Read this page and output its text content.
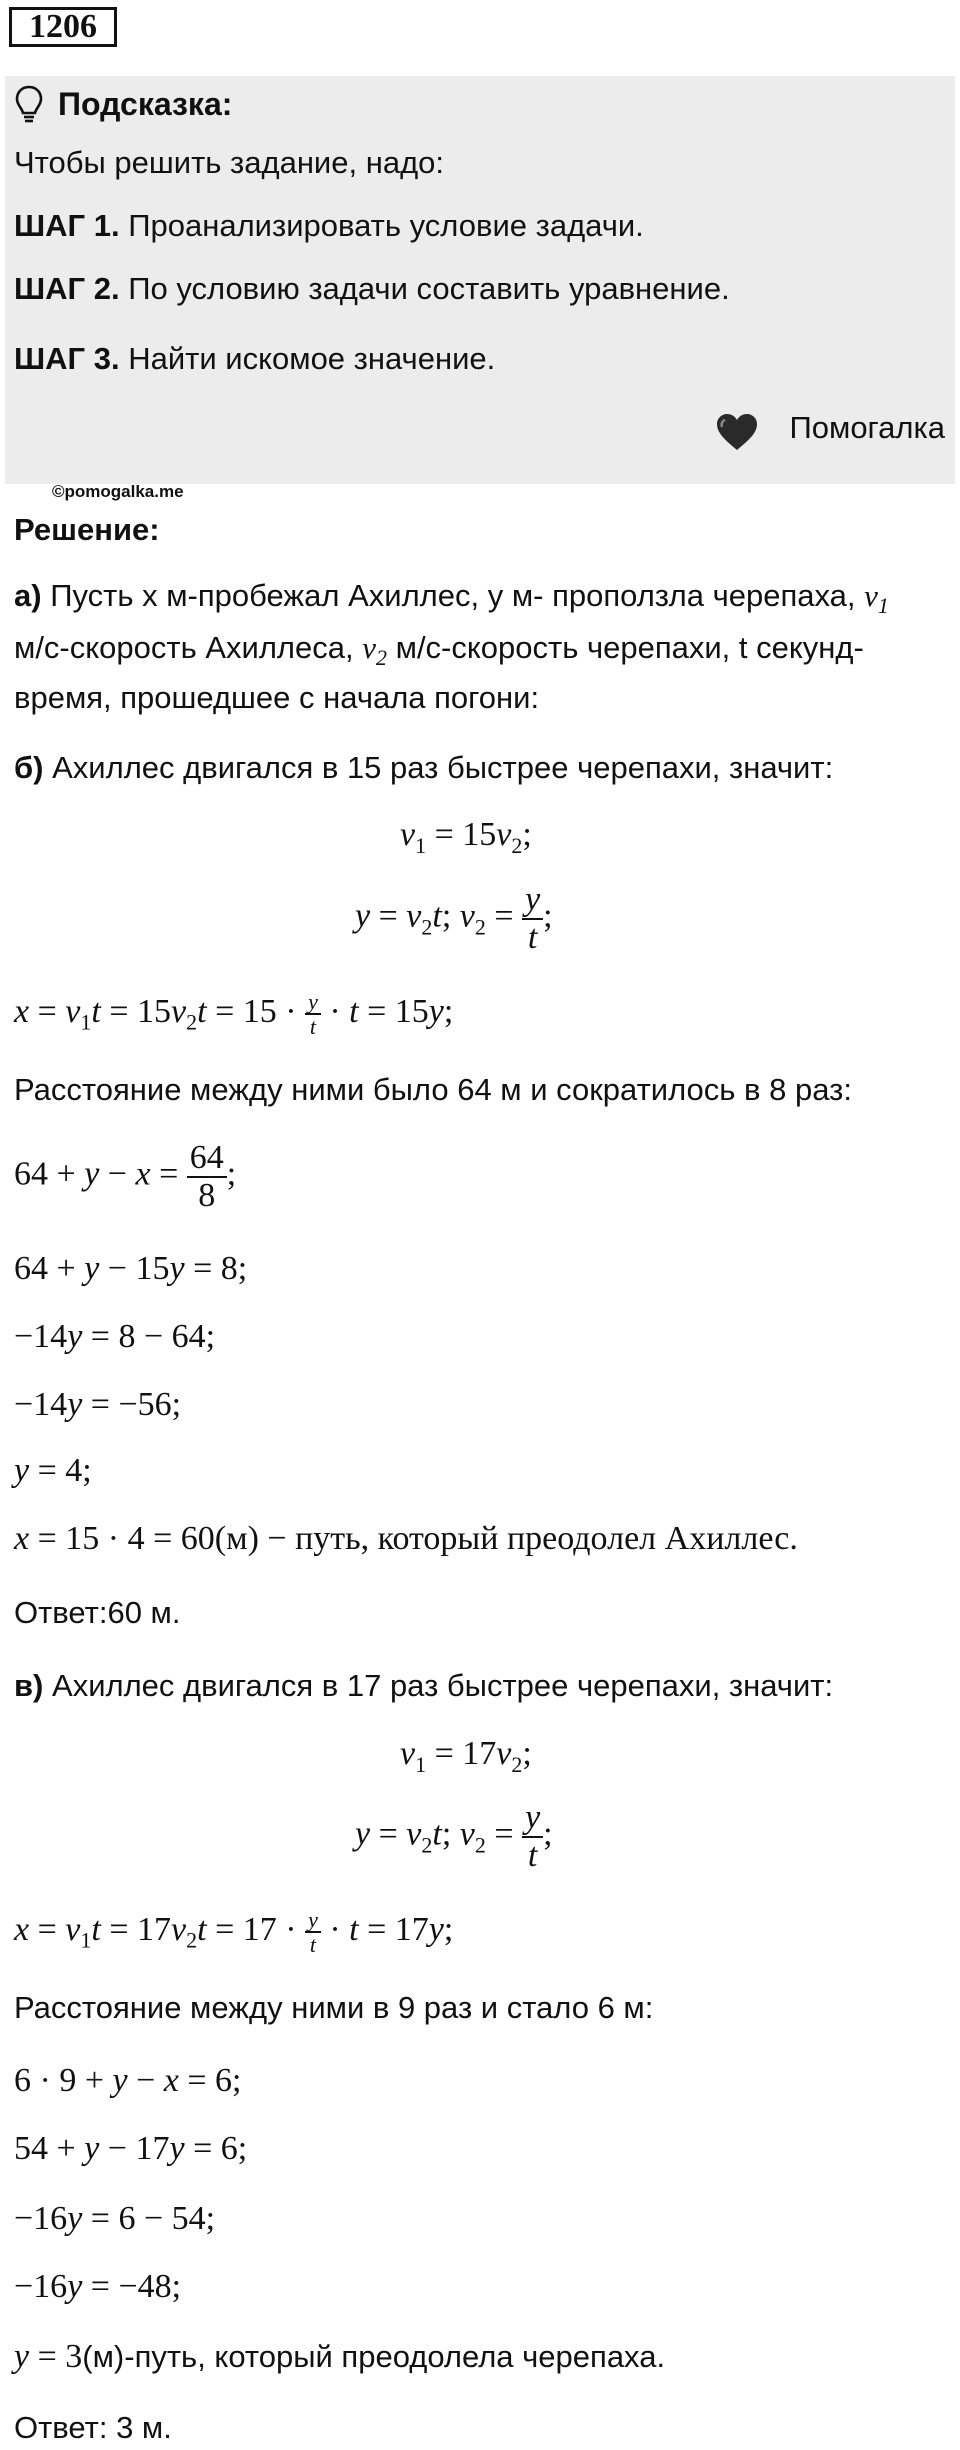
1206
Подсказка:
Чтобы решить задание, надо:
ШАГ 1. Проанализировать условие задачи.
ШАГ 2. По условию задачи составить уравнение.
ШАГ 3. Найти искомое значение.
Помогалка
©pomogalka.me
Решение:
а) Пусть x м-пробежал Ахиллес, y м- проползла черепаха, $v_1$
м/с-скорость Ахиллеса, $v_2$ м/с-скорость черепахи, t секунд-
время, прошедшее с начала погони:
б) Ахиллес двигался в 15 раз быстрее черепахи, значит:
$v_1 = 15v_2$;
$y = v_2t$; $v_2 = \frac{y}{t}$ ;
$x = v_1t = 15v_2t = 15 \cdot \frac{y}{t} \cdot t = 15y$;
Расстояние между ними было 64 м и сократилось в 8 раз:
$64 + y - x = \frac{64}{8}$ ;
64 + y − 15y = 8;
−14y = 8 − 64;
−14y = −56;
y = 4;
x = 15 · 4 = 60(м) − путь, который преодолел Ахиллес.
Ответ:60 м.
в) Ахиллес двигался в 17 раз быстрее черепахи, значит:
$v_1 = 17v_2$;
$y = v_2t$; $v_2 = \frac{y}{t}$ ;
$x = v_1t = 17v_2t = 17 \cdot \frac{y}{t} \cdot t = 17y$;
Расстояние между ними в 9 раз и стало 6 м:
6 · 9 + y − x = 6;
54 + y − 17y = 6;
−16y = 6 − 54;
−16y = −48;
y = 3(м)-путь, который преодолела черепаха.
Ответ: 3 м.
